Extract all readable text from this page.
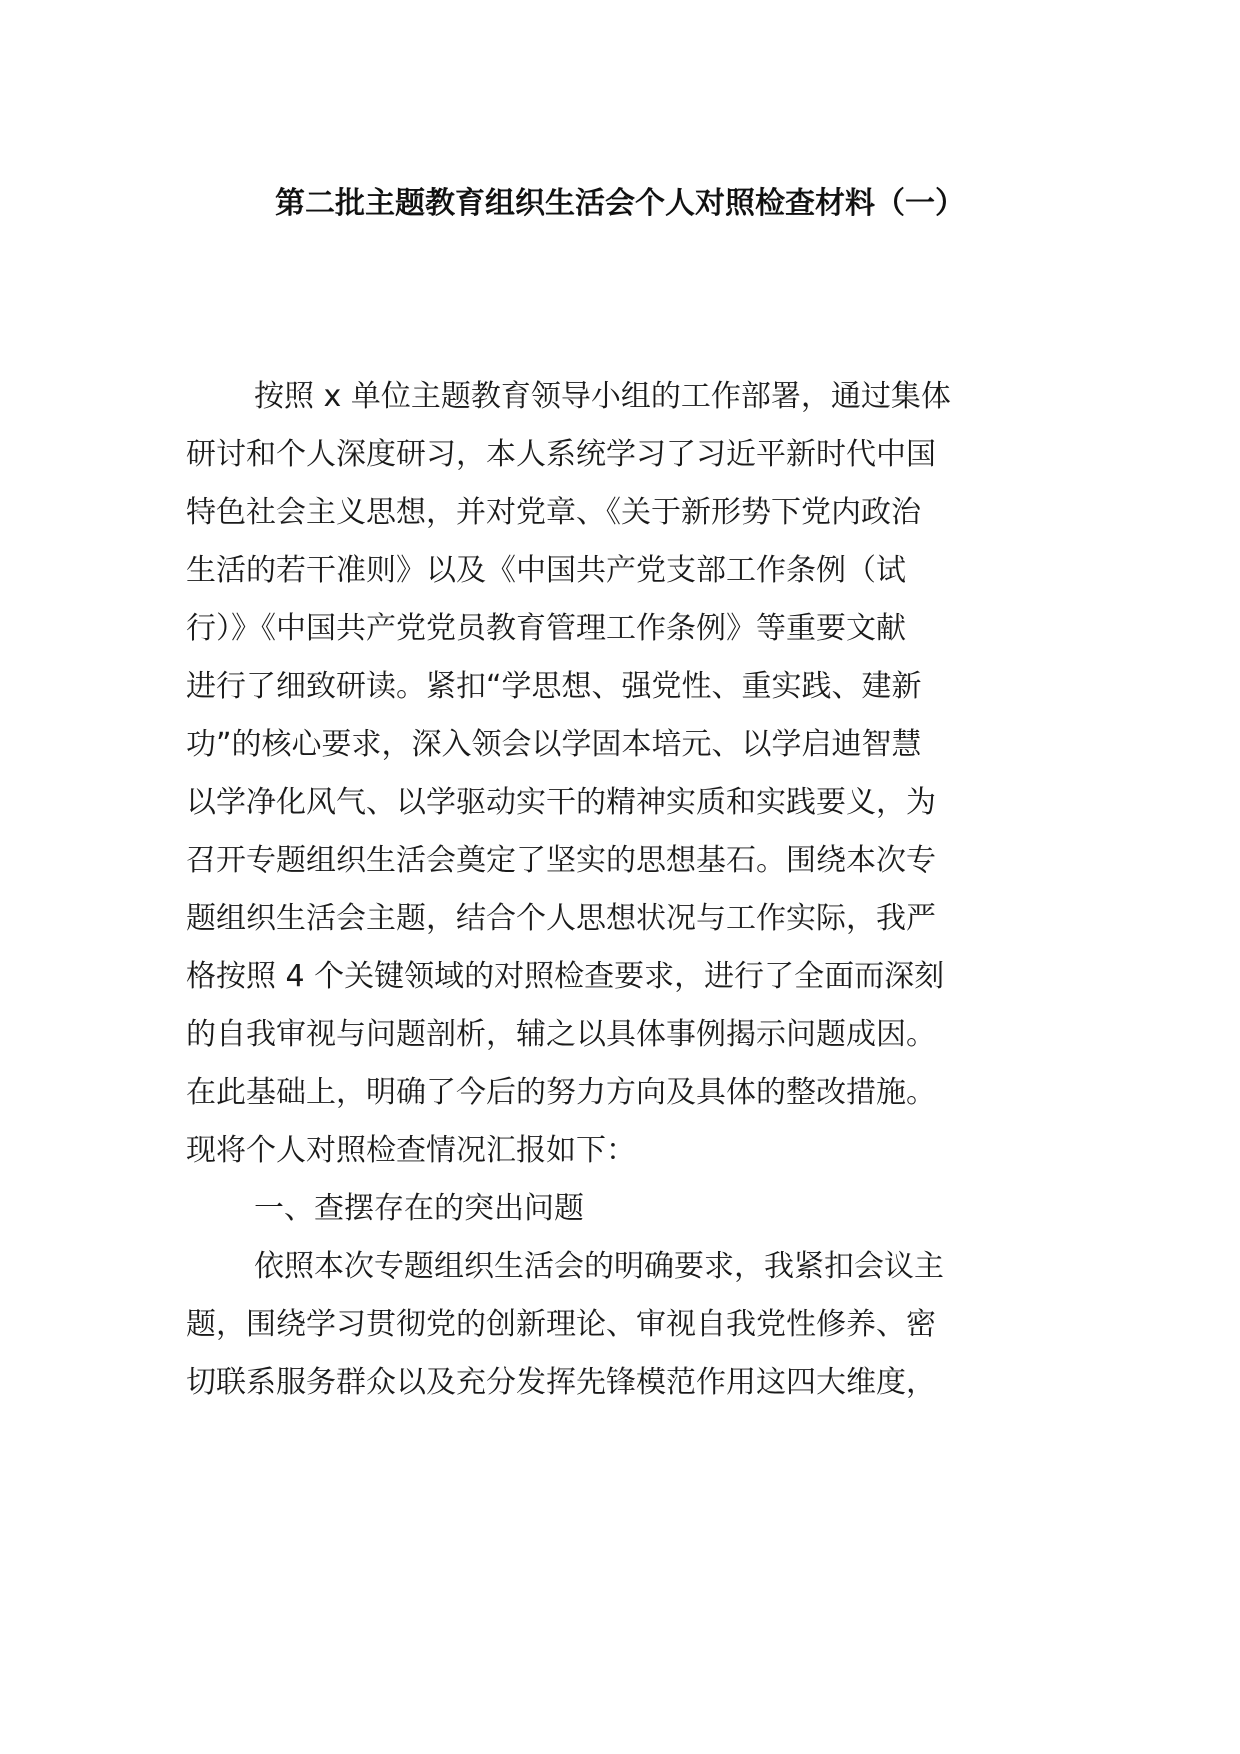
第二批主题教育组织生活会个人对照检查材料（一）
按照 x 单位主题教育领导小组的工作部署，通过集体
研讨和个人深度研习，本人系统学习了习近平新时代中国
特色社会主义思想，并对党章、《关于新形势下党内政治
生活的若干准则》以及《中国共产党支部工作条例（试
行）》《中国共产党党员教育管理工作条例》等重要文献
进行了细致研读。紧扣“学思想、强党性、重实践、建新
功”的核心要求，深入领会以学固本培元、以学启迪智慧
以学净化风气、以学驱动实干的精神实质和实践要义，为
召开专题组织生活会奠定了坚实的思想基石。围绕本次专
题组织生活会主题，结合个人思想状况与工作实际，我严
格按照 4 个关键领域的对照检查要求，进行了全面而深刻
的自我审视与问题剖析，辅之以具体事例揭示问题成因。
在此基础上，明确了今后的努力方向及具体的整改措施。
现将个人对照检查情况汇报如下：
一、查摆存在的突出问题
依照本次专题组织生活会的明确要求，我紧扣会议主
题，围绕学习贯彻党的创新理论、审视自我党性修养、密
切联系服务群众以及充分发挥先锋模范作用这四大维度，
